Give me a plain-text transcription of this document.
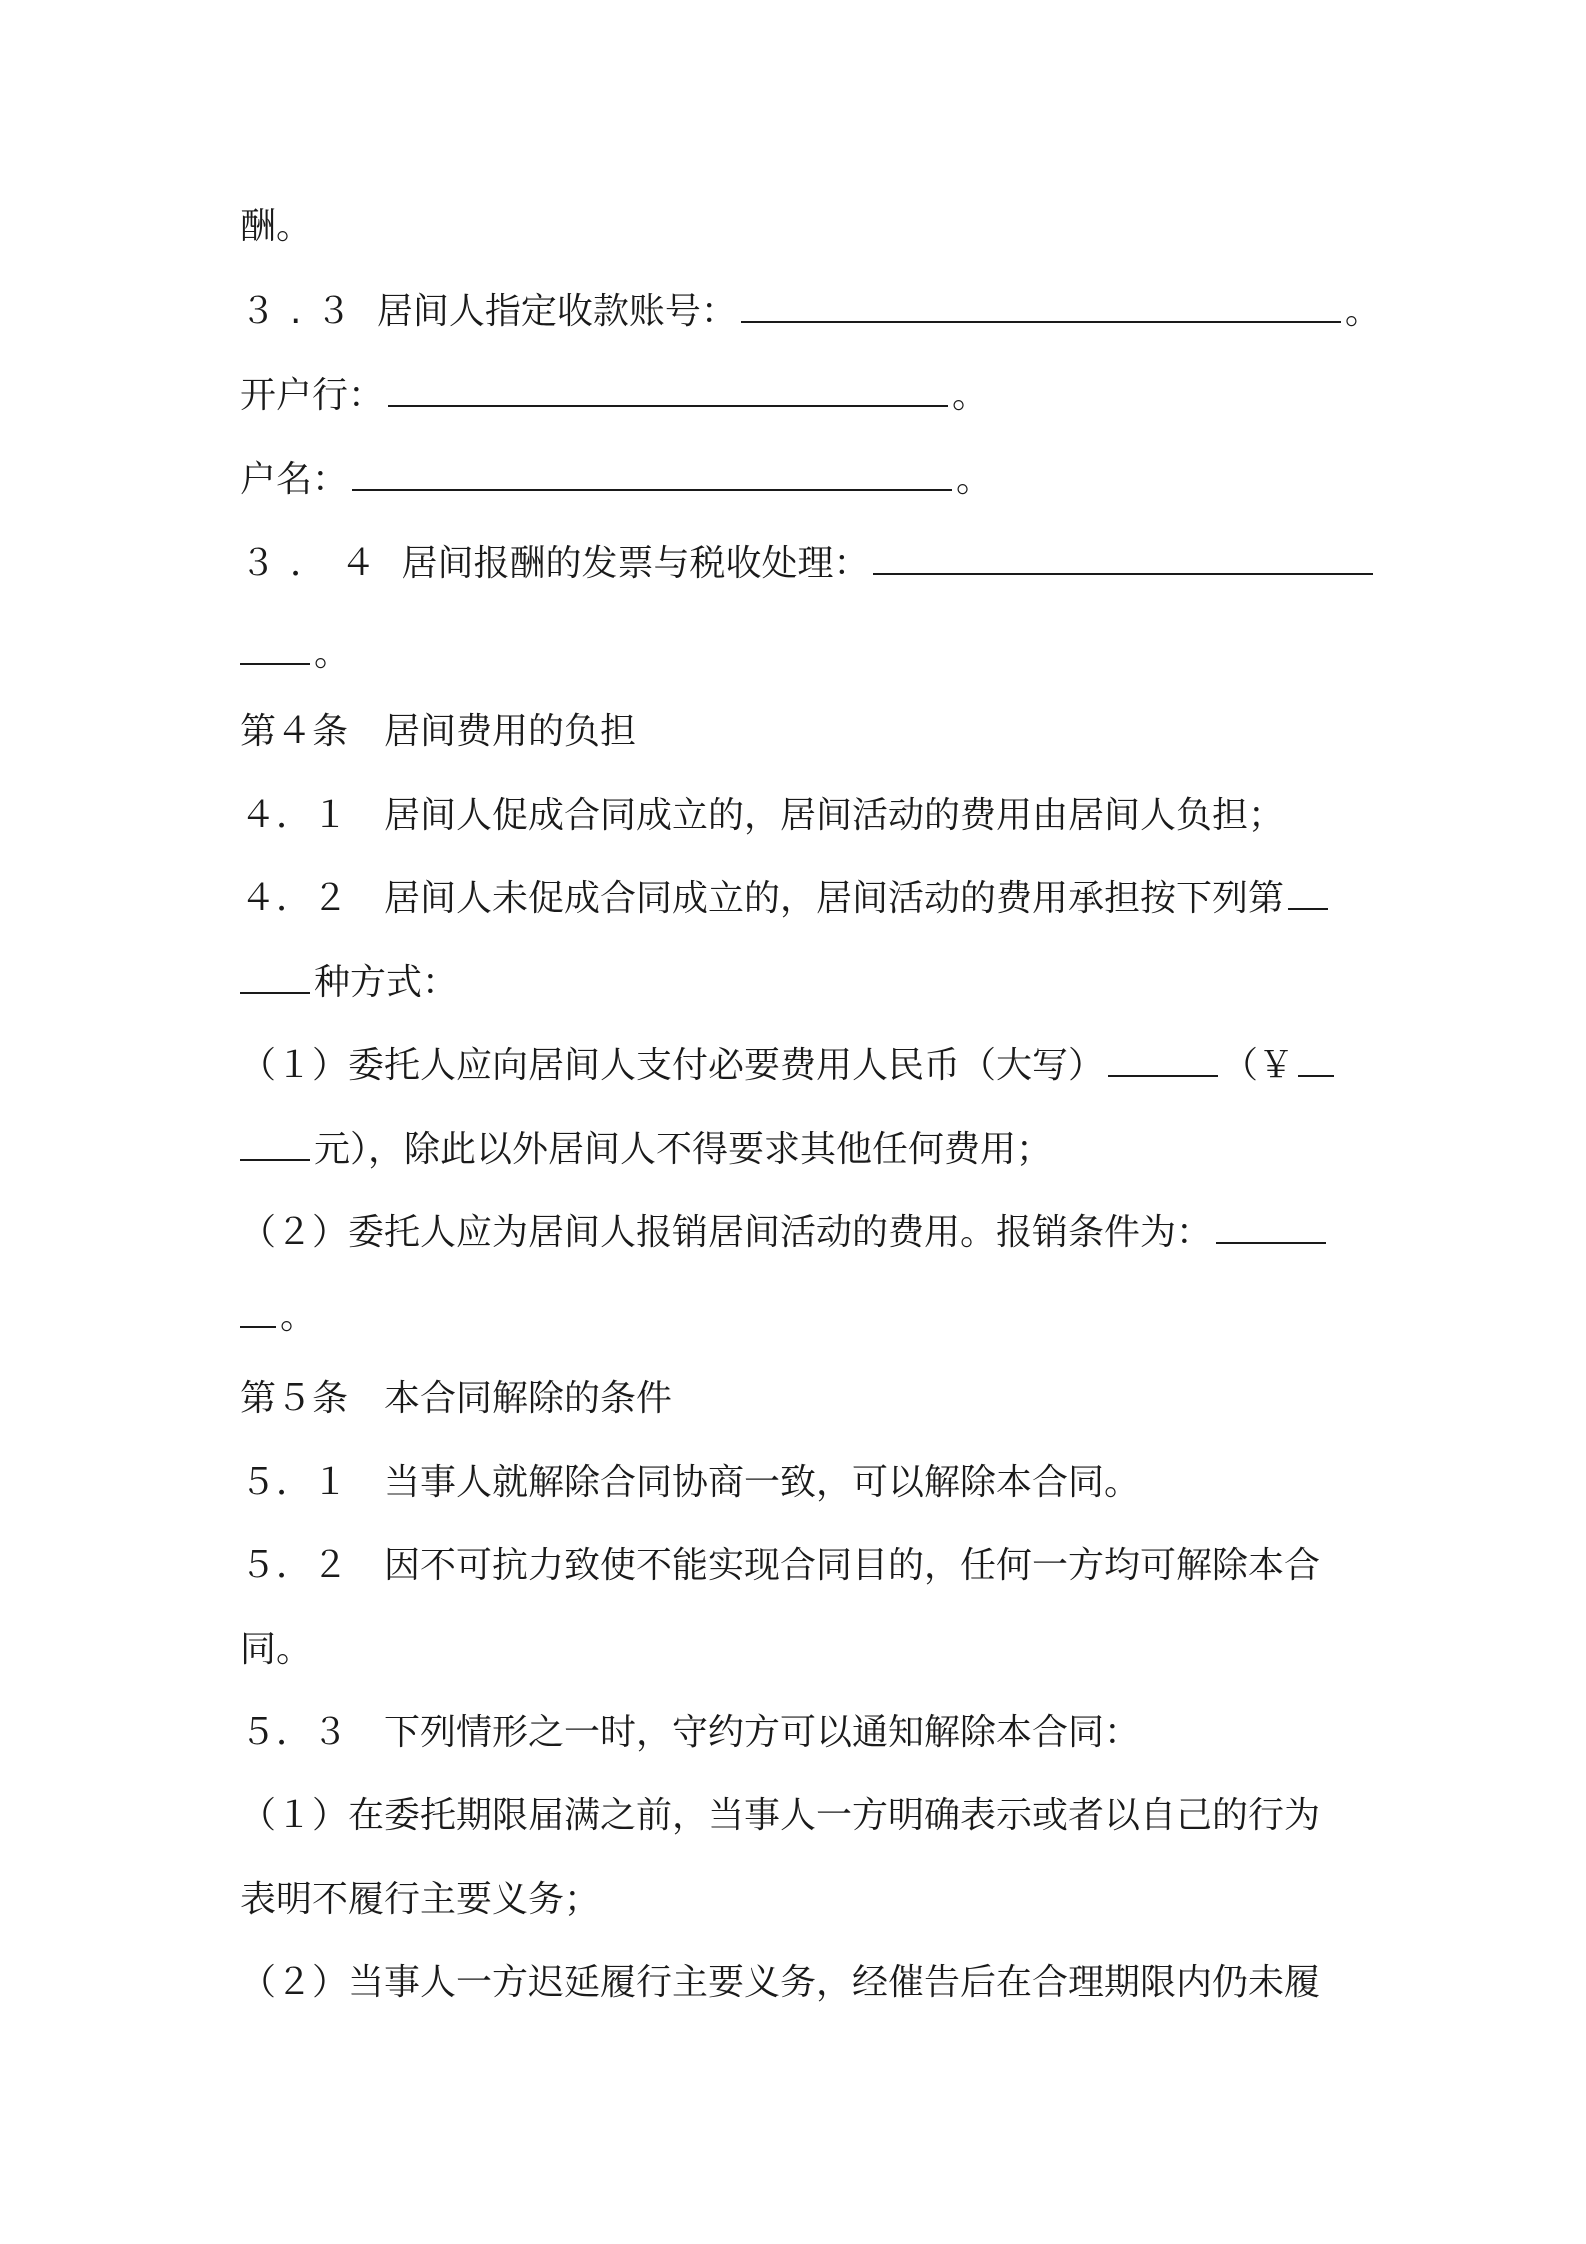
酬。
３.３ 居间人指定收款账号：	。
开户行：	。
户名：	。
３．４ 居间报酬的发票与税收处理：
。
第４条　居间费用的负担
４．１　居间人促成合同成立的，居间活动的费用由居间人负担；
４．２　居间人未促成合同成立的，居间活动的费用承担按下列第
种方式：
（１）委托人应向居间人支付必要费用人民币（大写）	（￥
元），除此以外居间人不得要求其他任何费用；
（２）委托人应为居间人报销居间活动的费用。报销条件为：
。
第５条　本合同解除的条件
５．１　当事人就解除合同协商一致，可以解除本合同。
５．２　因不可抗力致使不能实现合同目的，任何一方均可解除本合
同。
５．３　下列情形之一时，守约方可以通知解除本合同：
（１）在委托期限届满之前，当事人一方明确表示或者以自己的行为
表明不履行主要义务；
（２）当事人一方迟延履行主要义务，经催告后在合理期限内仍未履
